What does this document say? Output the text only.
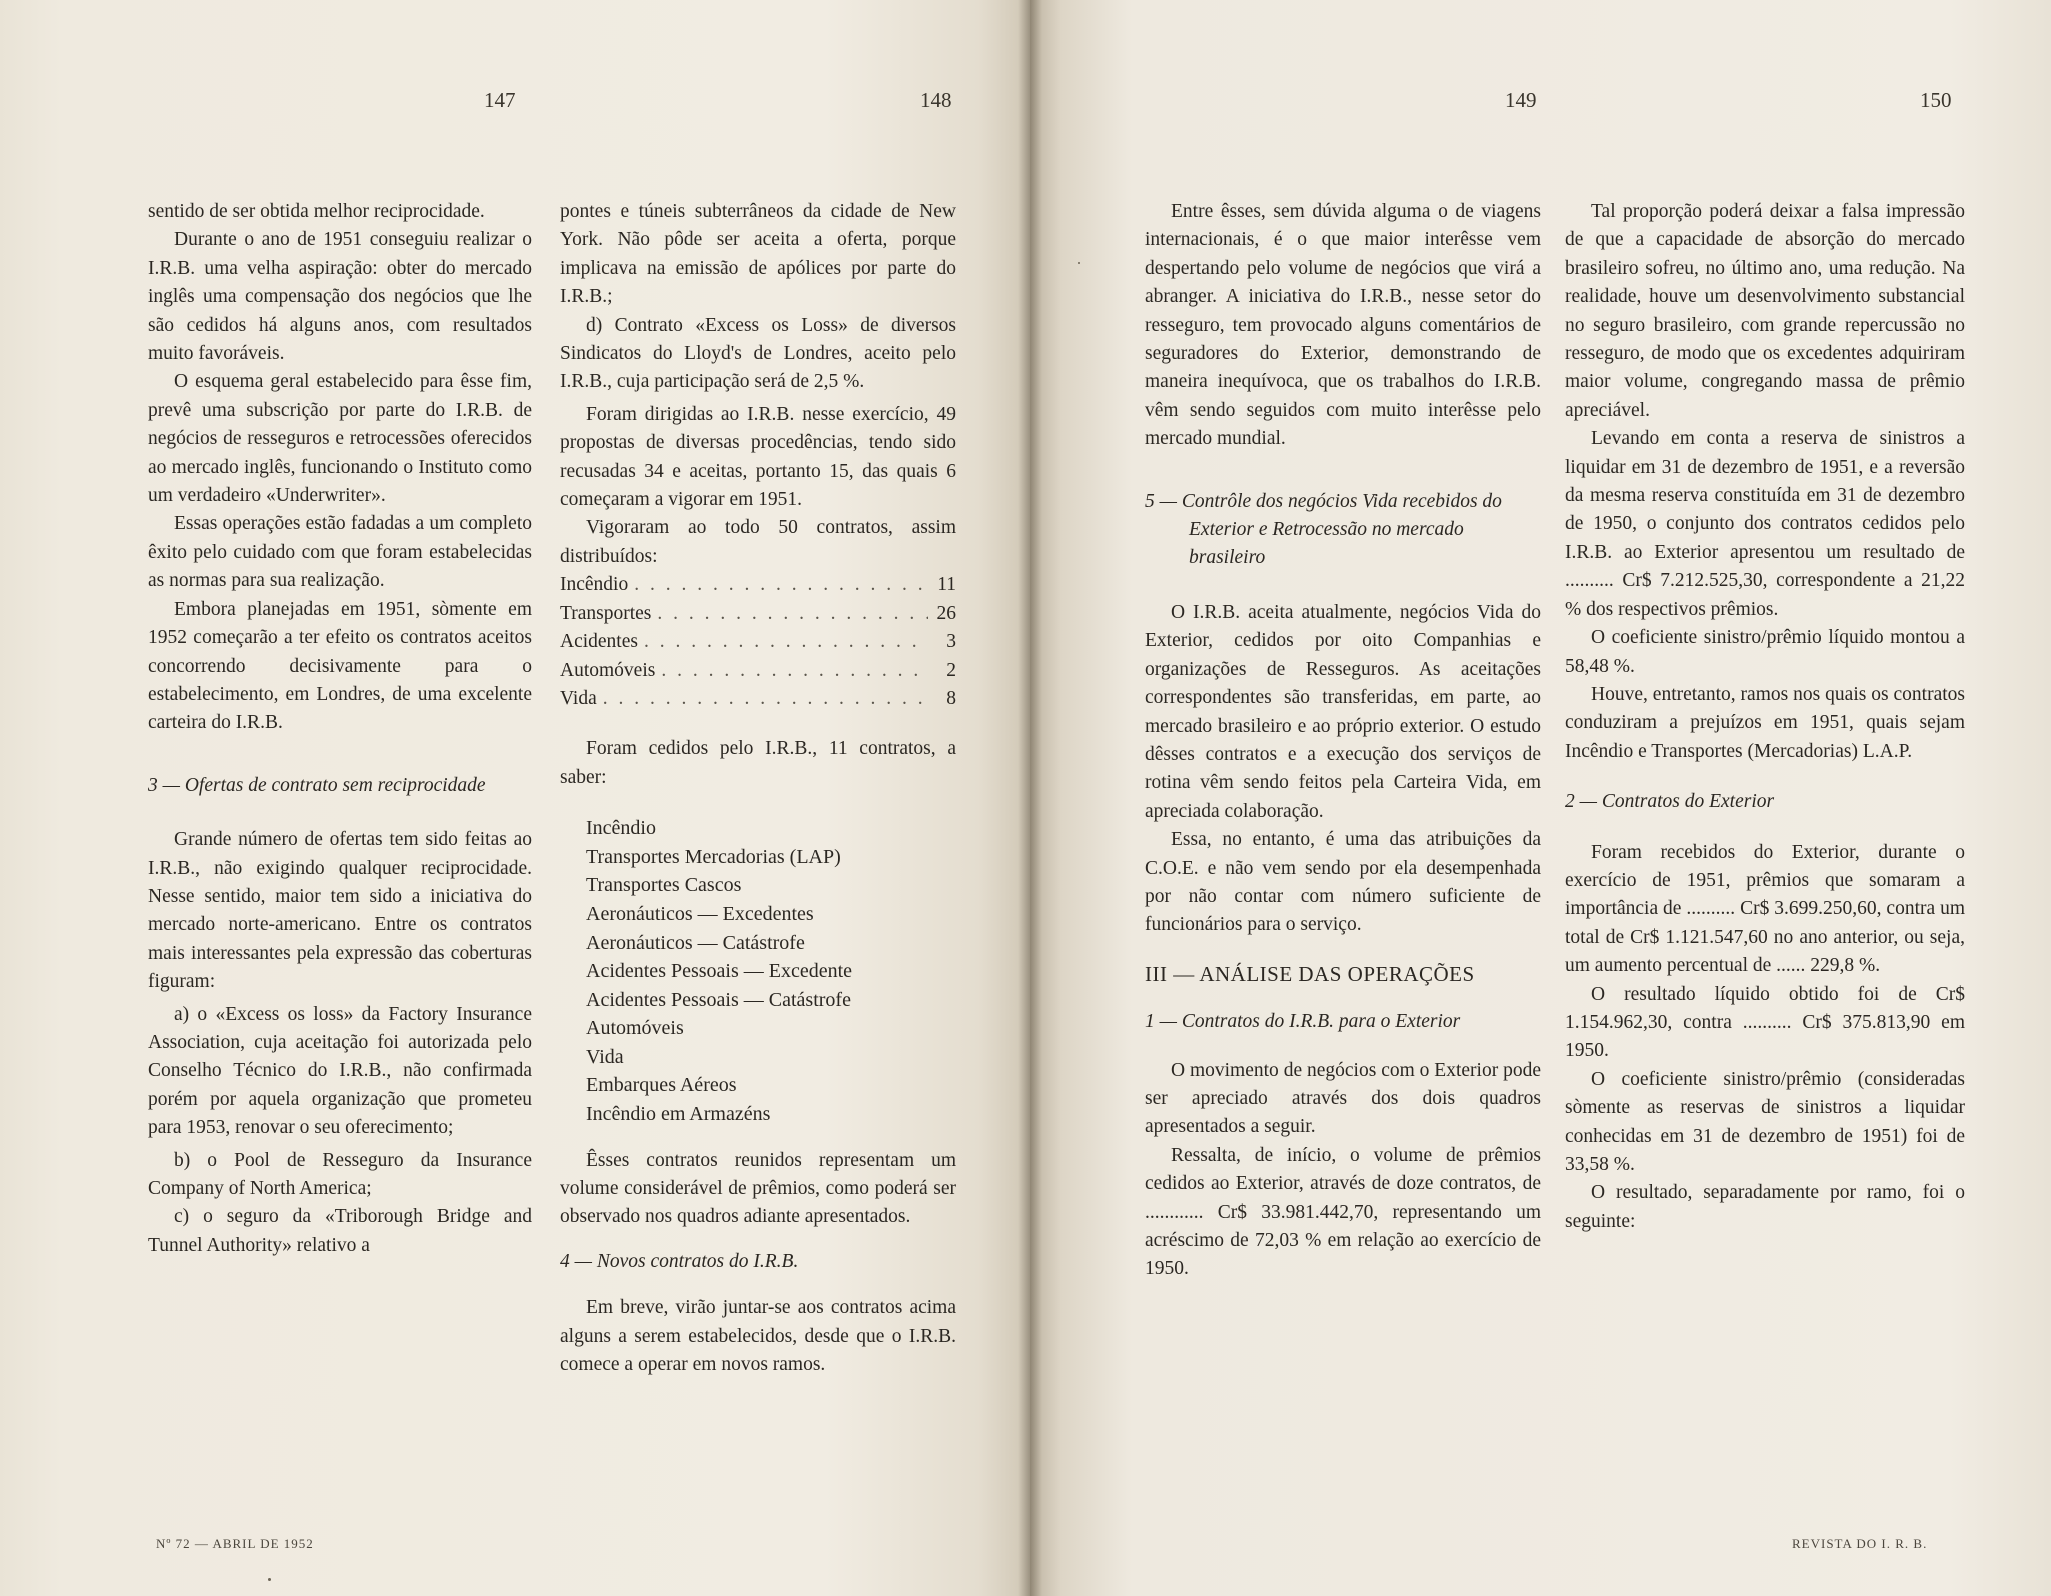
147	148	149	150

sentido de ser obtida melhor reciprocidade.

Durante o ano de 1951 conseguiu realizar o I.R.B. uma velha aspiração: obter do mercado inglês uma compensação dos negócios que lhe são cedidos há alguns anos, com resultados muito favoráveis.

O esquema geral estabelecido para êsse fim, prevê uma subscrição por parte do I.R.B. de negócios de resseguros e retrocessões oferecidos ao mercado inglês, funcionando o Instituto como um verdadeiro «Underwriter».

Essas operações estão fadadas a um completo êxito pelo cuidado com que foram estabelecidas as normas para sua realização.

Embora planejadas em 1951, sòmente em 1952 começarão a ter efeito os contratos aceitos concorrendo decisivamente para o estabelecimento, em Londres, de uma excelente carteira do I.R.B.

3 — Ofertas de contrato sem reciprocidade

Grande número de ofertas tem sido feitas ao I.R.B., não exigindo qualquer reciprocidade. Nesse sentido, maior tem sido a iniciativa do mercado norte-americano. Entre os contratos mais interessantes pela expressão das coberturas figuram:

a) o «Excess os loss» da Factory Insurance Association, cuja aceitação foi autorizada pelo Conselho Técnico do I.R.B., não confirmada porém por aquela organização que prometeu para 1953, renovar o seu oferecimento;

b) o Pool de Resseguro da Insurance Company of North America;

c) o seguro da «Triborough Bridge and Tunnel Authority» relativo a

pontes e túneis subterrâneos da cidade de New York. Não pôde ser aceita a oferta, porque implicava na emissão de apólices por parte do I.R.B.;

d) Contrato «Excess os Loss» de diversos Sindicatos do Lloyd's de Londres, aceito pelo I.R.B., cuja participação será de 2,5 %.

Foram dirigidas ao I.R.B. nesse exercício, 49 propostas de diversas procedências, tendo sido recusadas 34 e aceitas, portanto 15, das quais 6 começaram a vigorar em 1951.

Vigoraram ao todo 50 contratos, assim distribuídos:

Incêndio . . .	11
Transportes . . .	26
Acidentes . . .	3
Automóveis . . .	2
Vida . . .	8

Foram cedidos pelo I.R.B., 11 contratos, a saber:

Incêndio
Transportes Mercadorias (LAP)
Transportes Cascos
Aeronáuticos — Excedentes
Aeronáuticos — Catástrofe
Acidentes Pessoais — Excedente
Acidentes Pessoais — Catástrofe
Automóveis
Vida
Embarques Aéreos
Incêndio em Armazéns

Êsses contratos reunidos representam um volume considerável de prêmios, como poderá ser observado nos quadros adiante apresentados.

4 — Novos contratos do I.R.B.

Em breve, virão juntar-se aos contratos acima alguns a serem estabelecidos, desde que o I.R.B. comece a operar em novos ramos.

Entre êsses, sem dúvida alguma o de viagens internacionais, é o que maior interêsse vem despertando pelo volume de negócios que virá a abranger. A iniciativa do I.R.B., nesse setor do resseguro, tem provocado alguns comentários de seguradores do Exterior, demonstrando de maneira inequívoca, que os trabalhos do I.R.B. vêm sendo seguidos com muito interêsse pelo mercado mundial.

5 — Contrôle dos negócios Vida recebidos do Exterior e Retrocessão no mercado brasileiro

O I.R.B. aceita atualmente, negócios Vida do Exterior, cedidos por oito Companhias e organizações de Resseguros. As aceitações correspondentes são transferidas, em parte, ao mercado brasileiro e ao próprio exterior. O estudo dêsses contratos e a execução dos serviços de rotina vêm sendo feitos pela Carteira Vida, em apreciada colaboração.

Essa, no entanto, é uma das atribuições da C.O.E. e não vem sendo por ela desempenhada por não contar com número suficiente de funcionários para o serviço.

III — ANÁLISE DAS OPERAÇÕES
1 — Contratos do I.R.B. para o Exterior

O movimento de negócios com o Exterior pode ser apreciado através dos dois quadros apresentados a seguir.

Ressalta, de início, o volume de prêmios cedidos ao Exterior, através de doze contratos, de ............ Cr$ 33.981.442,70, representando um acréscimo de 72,03 % em relação ao exercício de 1950.

Tal proporção poderá deixar a falsa impressão de que a capacidade de absorção do mercado brasileiro sofreu, no último ano, uma redução. Na realidade, houve um desenvolvimento substancial no seguro brasileiro, com grande repercussão no resseguro, de modo que os excedentes adquiriram maior volume, congregando massa de prêmio apreciável.

Levando em conta a reserva de sinistros a liquidar em 31 de dezembro de 1951, e a reversão da mesma reserva constituída em 31 de dezembro de 1950, o conjunto dos contratos cedidos pelo I.R.B. ao Exterior apresentou um resultado de .......... Cr$ 7.212.525,30, correspondente a 21,22 % dos respectivos prêmios.

O coeficiente sinistro/prêmio líquido montou a 58,48 %.

Houve, entretanto, ramos nos quais os contratos conduziram a prejuízos em 1951, quais sejam Incêndio e Transportes (Mercadorias) L.A.P.

2 — Contratos do Exterior

Foram recebidos do Exterior, durante o exercício de 1951, prêmios que somaram a importância de .......... Cr$ 3.699.250,60, contra um total de Cr$ 1.121.547,60 no ano anterior, ou seja, um aumento percentual de ...... 229,8 %.

O resultado líquido obtido foi de Cr$ 1.154.962,30, contra .......... Cr$ 375.813,90 em 1950.

O coeficiente sinistro/prêmio (consideradas sòmente as reservas de sinistros a liquidar conhecidas em 31 de dezembro de 1951) foi de 33,58 %.

O resultado, separadamente por ramo, foi o seguinte:

Nº 72 — ABRIL DE 1952	REVISTA DO I. R. B.
